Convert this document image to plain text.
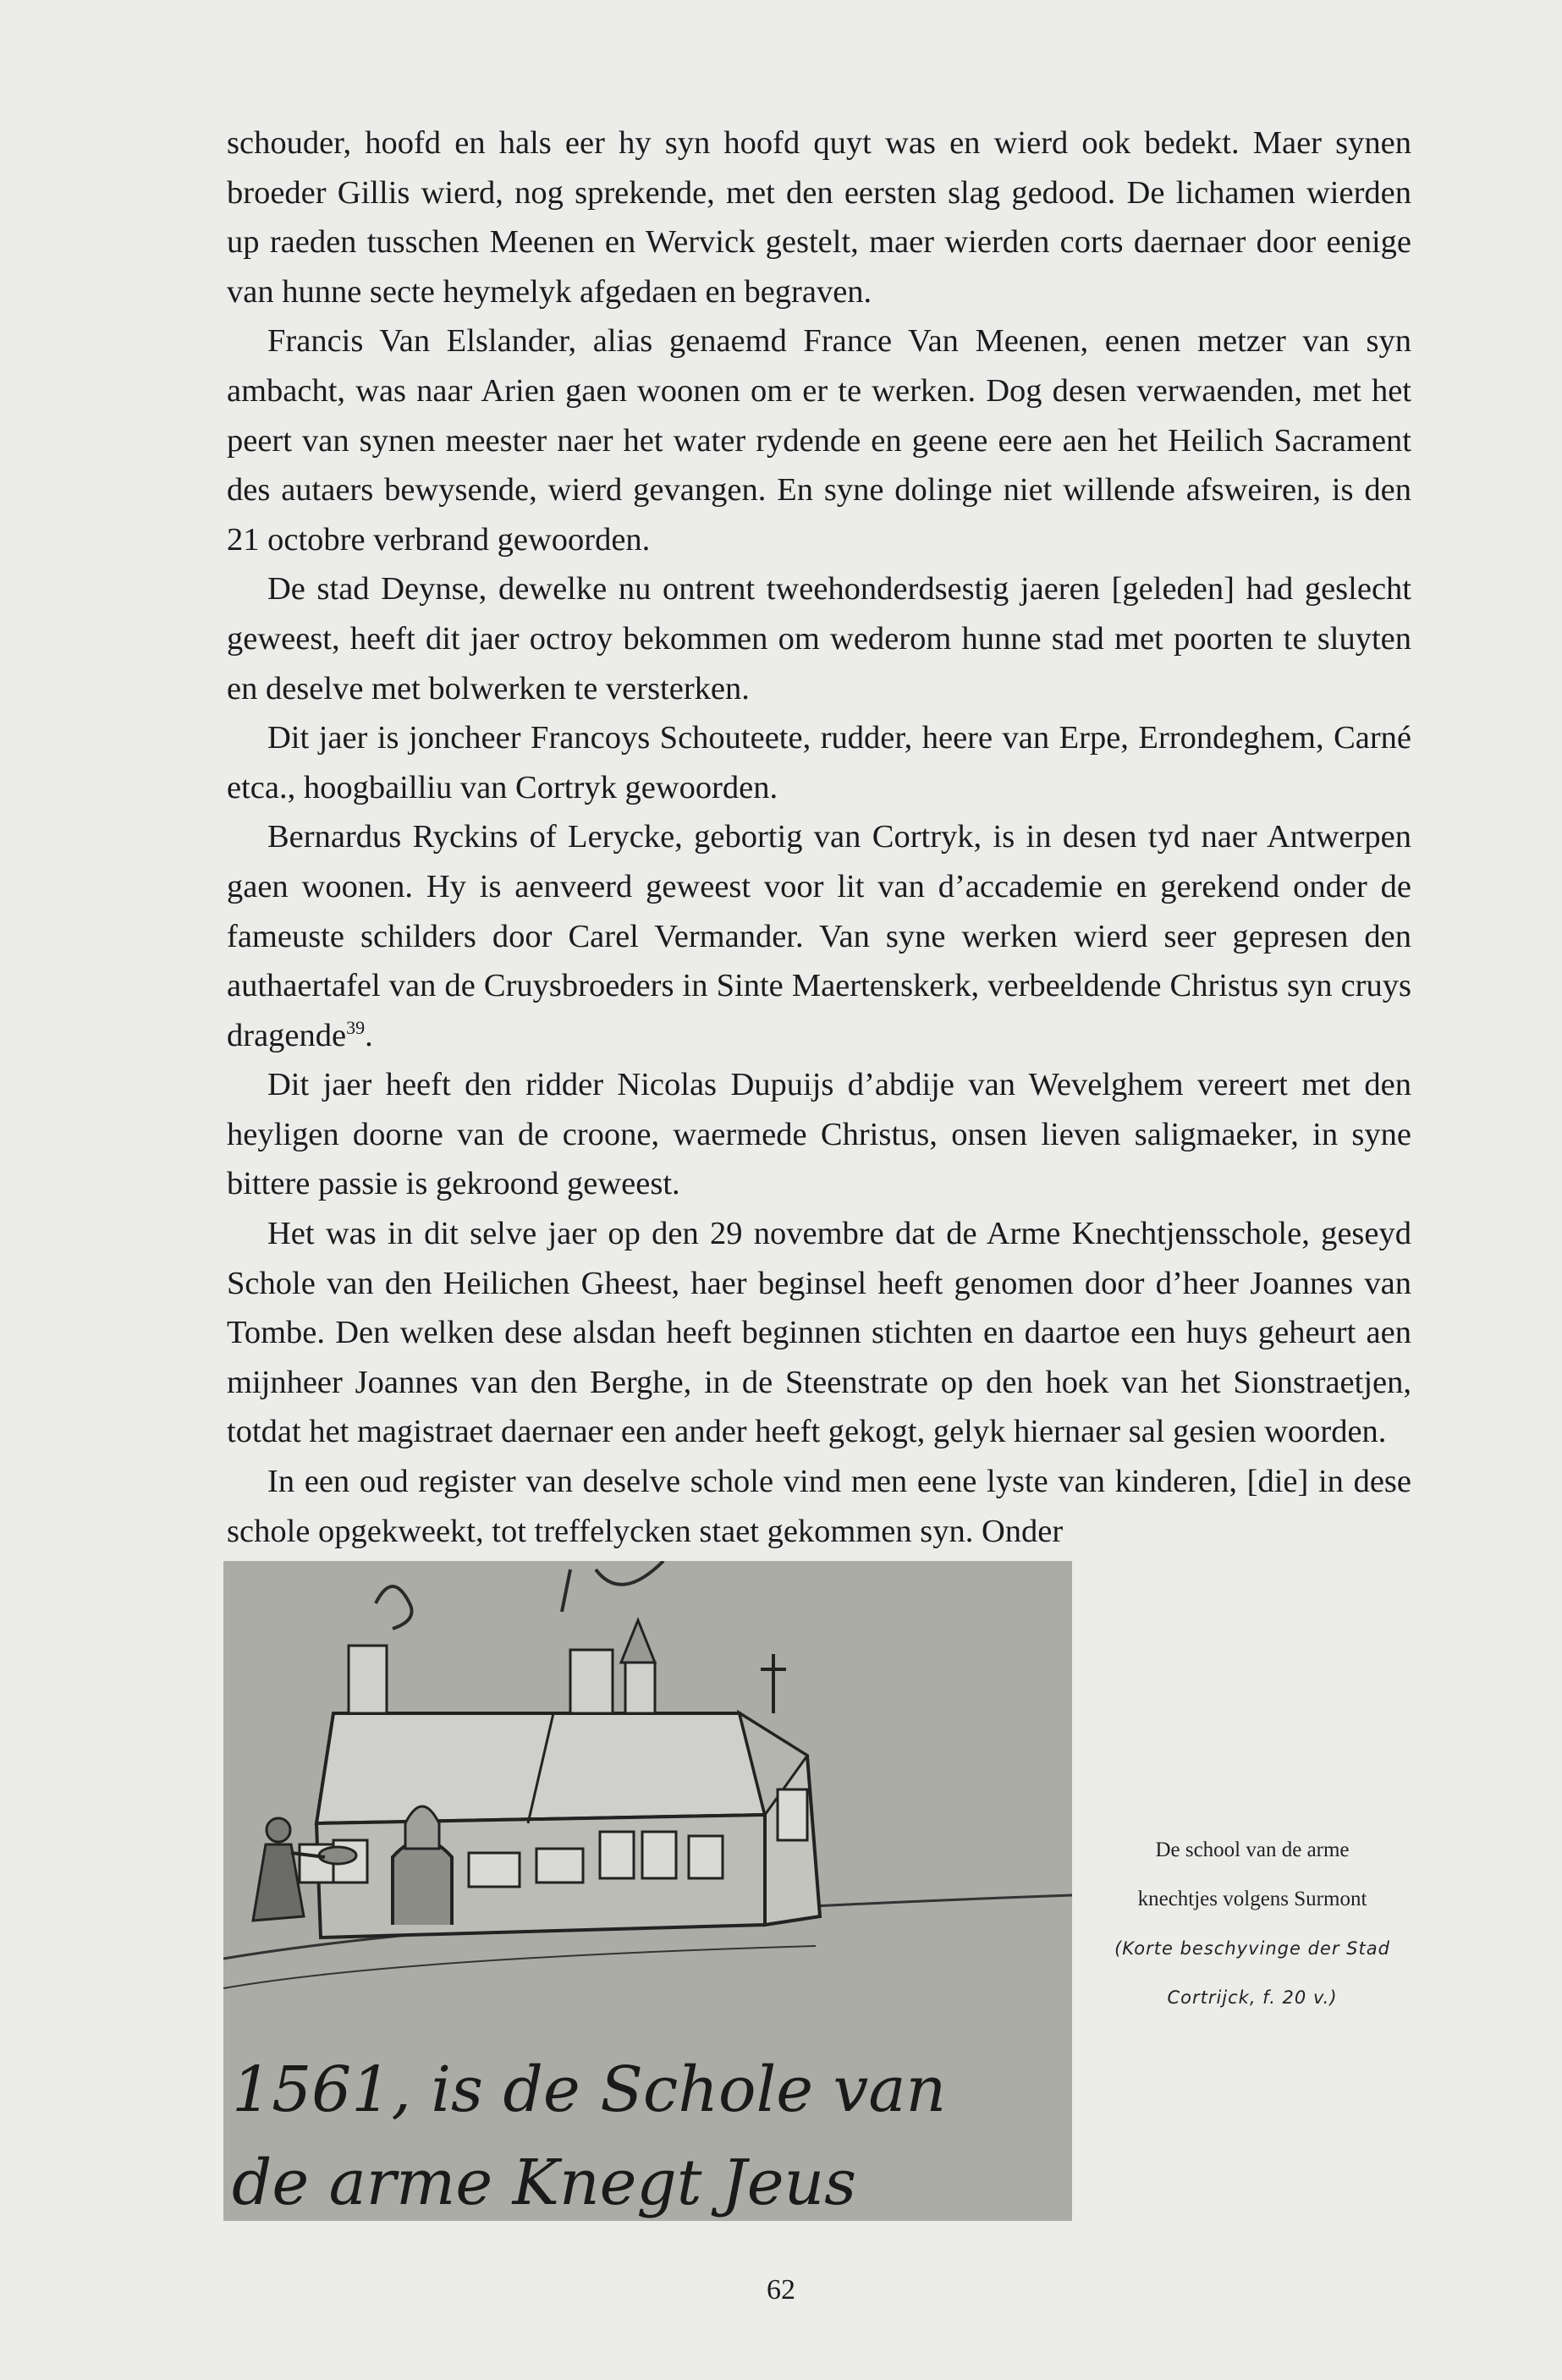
schouder, hoofd en hals eer hy syn hoofd quyt was en wierd ook bedekt. Maer synen broeder Gillis wierd, nog sprekende, met den eersten slag gedood. De lichamen wierden up raeden tusschen Meenen en Wervick gestelt, maer wierden corts daernaer door eenige van hunne secte heymelyk afgedaen en begraven.

Francis Van Elslander, alias genaemd France Van Meenen, eenen metzer van syn ambacht, was naar Arien gaen woonen om er te werken. Dog desen verwaenden, met het peert van synen meester naer het water rydende en geene eere aen het Heilich Sacrament des autaers bewysende, wierd gevangen. En syne dolinge niet willende afsweiren, is den 21 octobre verbrand gewoorden.

De stad Deynse, dewelke nu ontrent tweehonderdsestig jaeren [geleden] had geslecht geweest, heeft dit jaer octroy bekommen om wederom hunne stad met poorten te sluyten en deselve met bolwerken te versterken.

Dit jaer is joncheer Francoys Schouteete, rudder, heere van Erpe, Errondeghem, Carné etca., hoogbailliu van Cortryk gewoorden.

Bernardus Ryckins of Lerycke, gebortig van Cortryk, is in desen tyd naer Antwerpen gaen woonen. Hy is aenveerd geweest voor lit van d’accademie en gerekend onder de fameuste schilders door Carel Vermander. Van syne werken wierd seer gepresen den authaertafel van de Cruysbroeders in Sinte Maertenskerk, verbeeldende Christus syn cruys dragende$^{39}$.

Dit jaer heeft den ridder Nicolas Dupuijs d’abdije van Wevelghem vereert met den heyligen doorne van de croone, waermede Christus, onsen lieven saligmaeker, in syne bittere passie is gekroond geweest.

Het was in dit selve jaer op den 29 novembre dat de Arme Knechtjensschole, geseyd Schole van den Heilichen Gheest, haer beginsel heeft genomen door d’heer Joannes van Tombe. Den welken dese alsdan heeft beginnen stichten en daartoe een huys geheurt aen mijnheer Joannes van den Berghe, in de Steenstrate op den hoek van het Sionstraetjen, totdat het magistraet daernaer een ander heeft gekogt, gelyk hiernaer sal gesien woorden.

In een oud register van deselve schole vind men eene lyste van kinderen, [die] in dese schole opgekweekt, tot treffelycken staet gekommen syn. Onder

1561, is de Schole van
de arme Knegt Jeus
De school van de arme
knechtjes volgens Surmont
(Korte beschyvinge der Stad
Cortrijck, f. 20 v.)
62
